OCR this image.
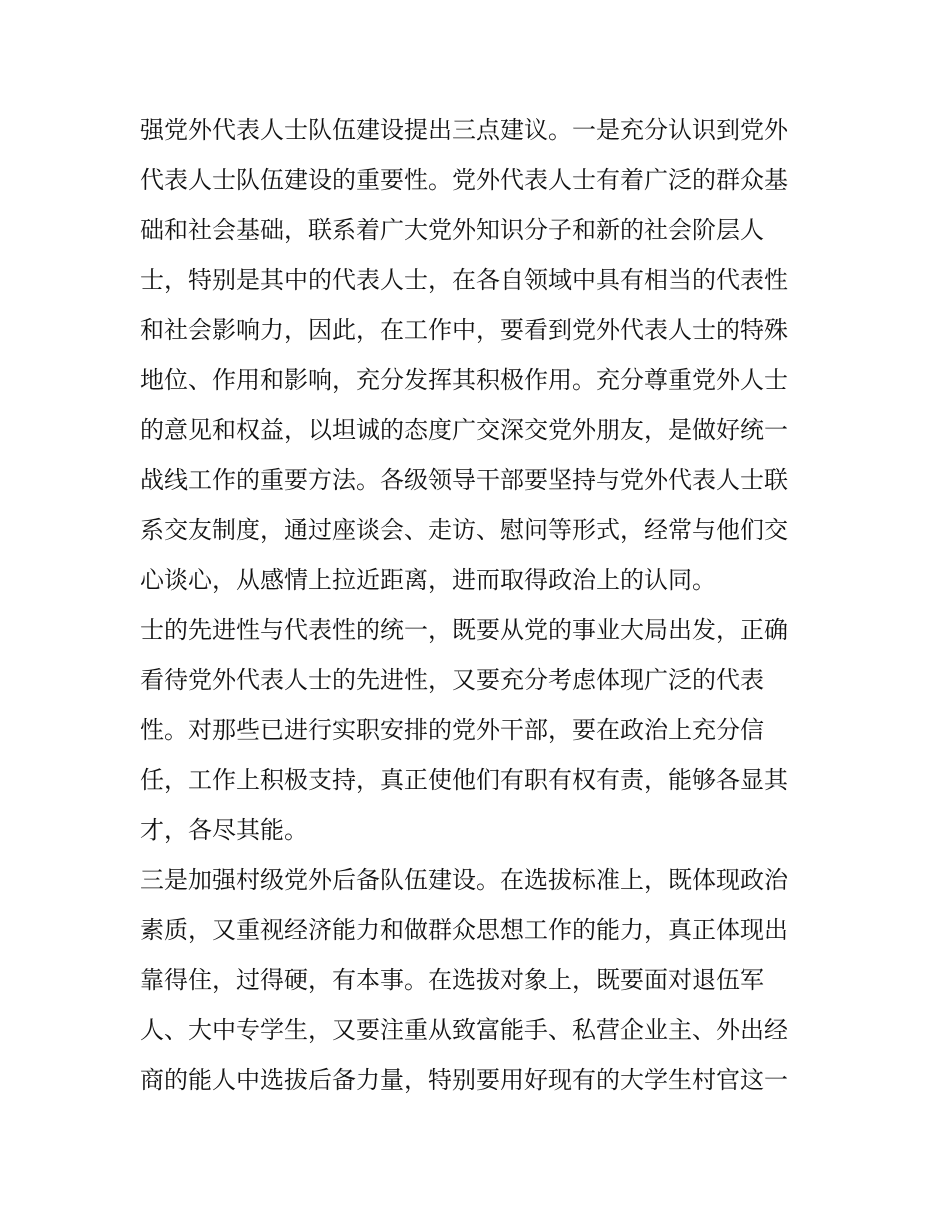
强党外代表人士队伍建设提出三点建议。一是充分认识到党外
代表人士队伍建设的重要性。党外代表人士有着广泛的群众基
础和社会基础，联系着广大党外知识分子和新的社会阶层人
士，特别是其中的代表人士，在各自领域中具有相当的代表性
和社会影响力，因此，在工作中，要看到党外代表人士的特殊
地位、作用和影响，充分发挥其积极作用。充分尊重党外人士
的意见和权益，以坦诚的态度广交深交党外朋友，是做好统一
战线工作的重要方法。各级领导干部要坚持与党外代表人士联
系交友制度，通过座谈会、走访、慰问等形式，经常与他们交
心谈心，从感情上拉近距离，进而取得政治上的认同。
士的先进性与代表性的统一，既要从党的事业大局出发，正确
看待党外代表人士的先进性，又要充分考虑体现广泛的代表
性。对那些已进行实职安排的党外干部，要在政治上充分信
任，工作上积极支持，真正使他们有职有权有责，能够各显其
才，各尽其能。
三是加强村级党外后备队伍建设。在选拔标准上，既体现政治
素质，又重视经济能力和做群众思想工作的能力，真正体现出
靠得住，过得硬，有本事。在选拔对象上，既要面对退伍军
人、大中专学生，又要注重从致富能手、私营企业主、外出经
商的能人中选拔后备力量，特别要用好现有的大学生村官这一
